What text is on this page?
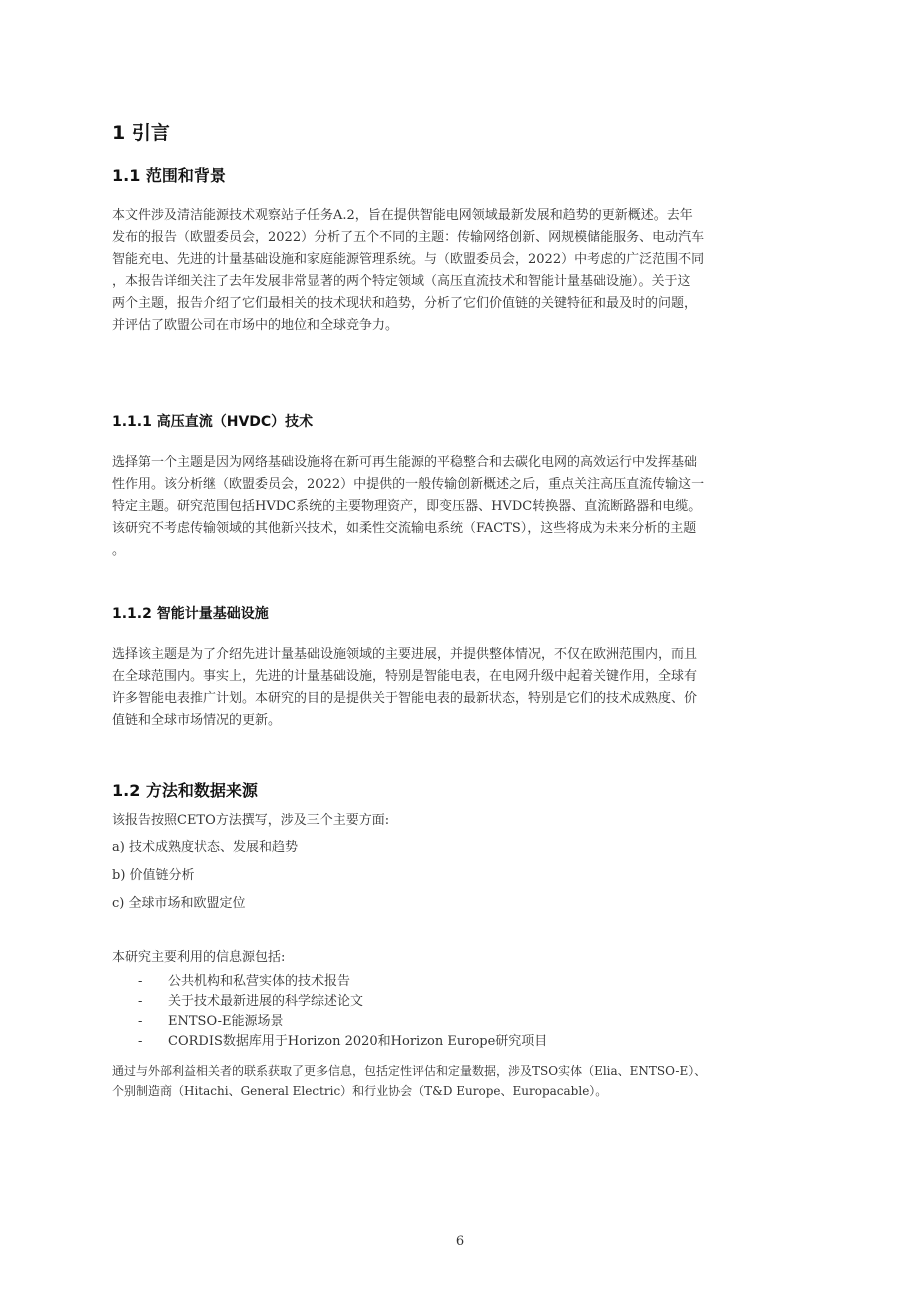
1 引言
1.1 范围和背景
本文件涉及清洁能源技术观察站子任务A.2，旨在提供智能电网领域最新发展和趋势的更新概述。去年
发布的报告（欧盟委员会，2022）分析了五个不同的主题：传输网络创新、网规模储能服务、电动汽车
智能充电、先进的计量基础设施和家庭能源管理系统。与（欧盟委员会，2022）中考虑的广泛范围不同
，本报告详细关注了去年发展非常显著的两个特定领域（高压直流技术和智能计量基础设施）。关于这
两个主题，报告介绍了它们最相关的技术现状和趋势，分析了它们价值链的关键特征和最及时的问题，
并评估了欧盟公司在市场中的地位和全球竞争力。
1.1.1 高压直流（HVDC）技术
选择第一个主题是因为网络基础设施将在新可再生能源的平稳整合和去碳化电网的高效运行中发挥基础
性作用。该分析继（欧盟委员会，2022）中提供的一般传输创新概述之后，重点关注高压直流传输这一
特定主题。研究范围包括HVDC系统的主要物理资产，即变压器、HVDC转换器、直流断路器和电缆。
该研究不考虑传输领域的其他新兴技术，如柔性交流输电系统（FACTS），这些将成为未来分析的主题
。
1.1.2 智能计量基础设施
选择该主题是为了介绍先进计量基础设施领域的主要进展，并提供整体情况，不仅在欧洲范围内，而且
在全球范围内。事实上，先进的计量基础设施，特别是智能电表，在电网升级中起着关键作用，全球有
许多智能电表推广计划。本研究的目的是提供关于智能电表的最新状态，特别是它们的技术成熟度、价
值链和全球市场情况的更新。
1.2 方法和数据来源
该报告按照CETO方法撰写，涉及三个主要方面:
a) 技术成熟度状态、发展和趋势
b) 价值链分析
c) 全球市场和欧盟定位
本研究主要利用的信息源包括:
- 公共机构和私营实体的技术报告
- 关于技术最新进展的科学综述论文
- ENTSO-E能源场景
- CORDIS数据库用于Horizon 2020和Horizon Europe研究项目
通过与外部利益相关者的联系获取了更多信息，包括定性评估和定量数据，涉及TSO实体（Elia、ENTSO-E）、
个别制造商（Hitachi、General Electric）和行业协会（T&D Europe、Europacable）。
6
